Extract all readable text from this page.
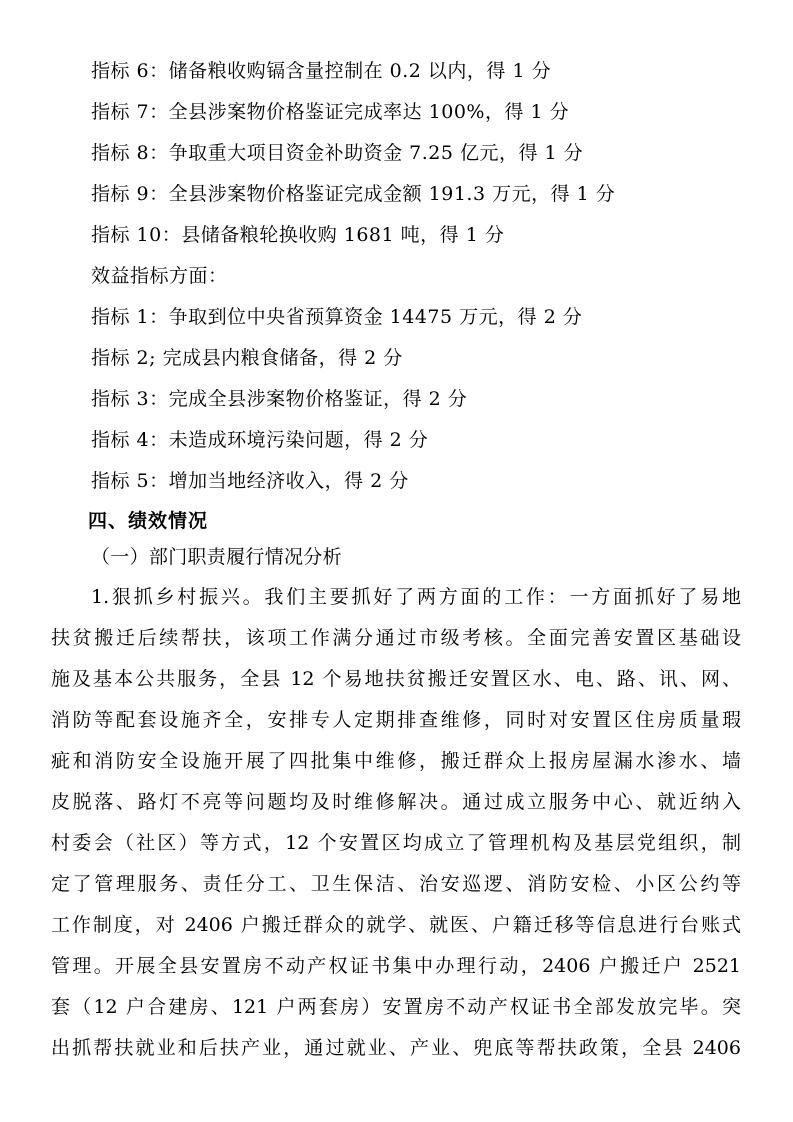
指标 6：储备粮收购镉含量控制在 0.2 以内，得 1 分
指标 7：全县涉案物价格鉴证完成率达 100%，得 1 分
指标 8：争取重大项目资金补助资金 7.25 亿元，得 1 分
指标 9：全县涉案物价格鉴证完成金额 191.3 万元，得 1 分
指标 10：县储备粮轮换收购 1681 吨，得 1 分
效益指标方面：
指标 1：争取到位中央省预算资金 14475 万元，得 2 分
指标 2; 完成县内粮食储备，得 2 分
指标 3：完成全县涉案物价格鉴证，得 2 分
指标 4：未造成环境污染问题，得 2 分
指标 5：增加当地经济收入，得 2 分
四、绩效情况
（一）部门职责履行情况分析
1.狠抓乡村振兴。我们主要抓好了两方面的工作：一方面抓好了易地
扶贫搬迁后续帮扶，该项工作满分通过市级考核。全面完善安置区基础设
施及基本公共服务，全县 12 个易地扶贫搬迁安置区水、电、路、讯、网、
消防等配套设施齐全，安排专人定期排查维修，同时对安置区住房质量瑕
疵和消防安全设施开展了四批集中维修，搬迁群众上报房屋漏水渗水、墙
皮脱落、路灯不亮等问题均及时维修解决。通过成立服务中心、就近纳入
村委会（社区）等方式，12 个安置区均成立了管理机构及基层党组织，制
定了管理服务、责任分工、卫生保洁、治安巡逻、消防安检、小区公约等
工作制度，对 2406 户搬迁群众的就学、就医、户籍迁移等信息进行台账式
管理。开展全县安置房不动产权证书集中办理行动，2406 户搬迁户 2521
套（12 户合建房、121 户两套房）安置房不动产权证书全部发放完毕。突
出抓帮扶就业和后扶产业，通过就业、产业、兜底等帮扶政策，全县 2406
